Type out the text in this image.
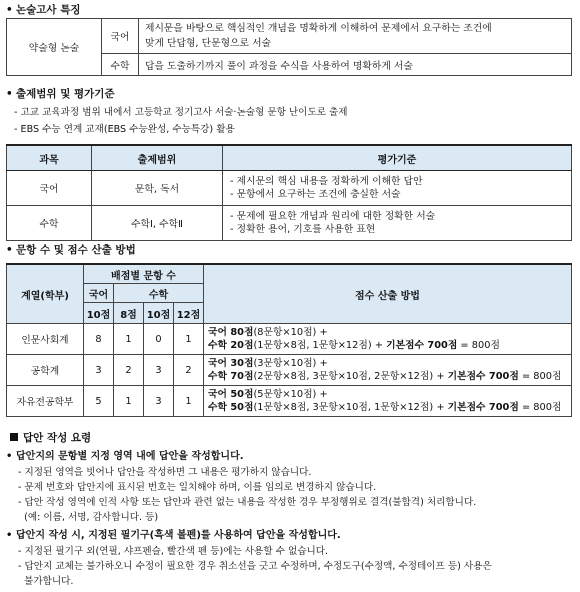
• 논술고사 특징
약술형 논술	국어	제시문을 바탕으로 핵심적인 개념을 명확하게 이해하여 문제에서 요구하는 조건에
맞게 단답형, 단문형으로 서술

	수학	답을 도출하기까지 풀이 과정을 수식을 사용하여 명확하게 서술
• 출제범위 및 평가기준
- 고교 교육과정 범위 내에서 고등학교 정기고사 서술·논술형 문항 난이도로 출제
- EBS 수능 연계 교재(EBS 수능완성, 수능특강) 활용
과목	출제범위	평가기준
국어	문학, 독서	- 제시문의 핵심 내용을 정확하게 이해한 답안
- 문항에서 요구하는 조건에 충실한 서술

수학	수학Ⅰ, 수학Ⅱ	- 문제에 필요한 개념과 원리에 대한 정확한 서술
- 정확한 용어, 기호를 사용한 표현
• 문항 수 및 점수 산출 방법
계열(학부)	배점별 문항 수				점수 산출 방법
	국어	수학			
	10점	8점	10점	12점	
인문사회계	8	1	0	1	국어 80점(8문항×10점) +
수학 20점(1문항×8점, 1문항×12점) + 기본점수 700점 = 800점

공학계	3	2	3	2	국어 30점(3문항×10점) +
수학 70점(2문항×8점, 3문항×10점, 2문항×12점) + 기본점수 700점 = 800점

자유전공학부	5	1	3	1	국어 50점(5문항×10점) +
수학 50점(1문항×8점, 3문항×10점, 1문항×12점) + 기본점수 700점 = 800점
답안 작성 요령
• 답안지의 문항별 지정 영역 내에 답안을 작성합니다.
- 지정된 영역을 빗어나 답안을 작성하면 그 내용은 평가하지 않습니다.
- 문제 번호와 답안지에 표시된 번호는 일치해야 하며, 이를 임의로 변경하지 않습니다.
- 답안 작성 영역에 인적 사항 또는 답안과 관련 없는 내용을 작성한 경우 부정행위로 결격(불합격) 처리합니다.
(예: 이름, 서명, 감사합니다. 등)
• 답안지 작성 시, 지정된 필기구(흑색 볼펜)를 사용하여 답안을 작성합니다.
- 지정된 필기구 외(연필, 샤프펜슬, 빨간색 펜 등)에는 사용할 수 없습니다.
- 답안지 교체는 불가하오니 수정이 필요한 경우 취소선을 긋고 수정하며, 수정도구(수정액, 수정테이프 등) 사용은
불가합니다.
